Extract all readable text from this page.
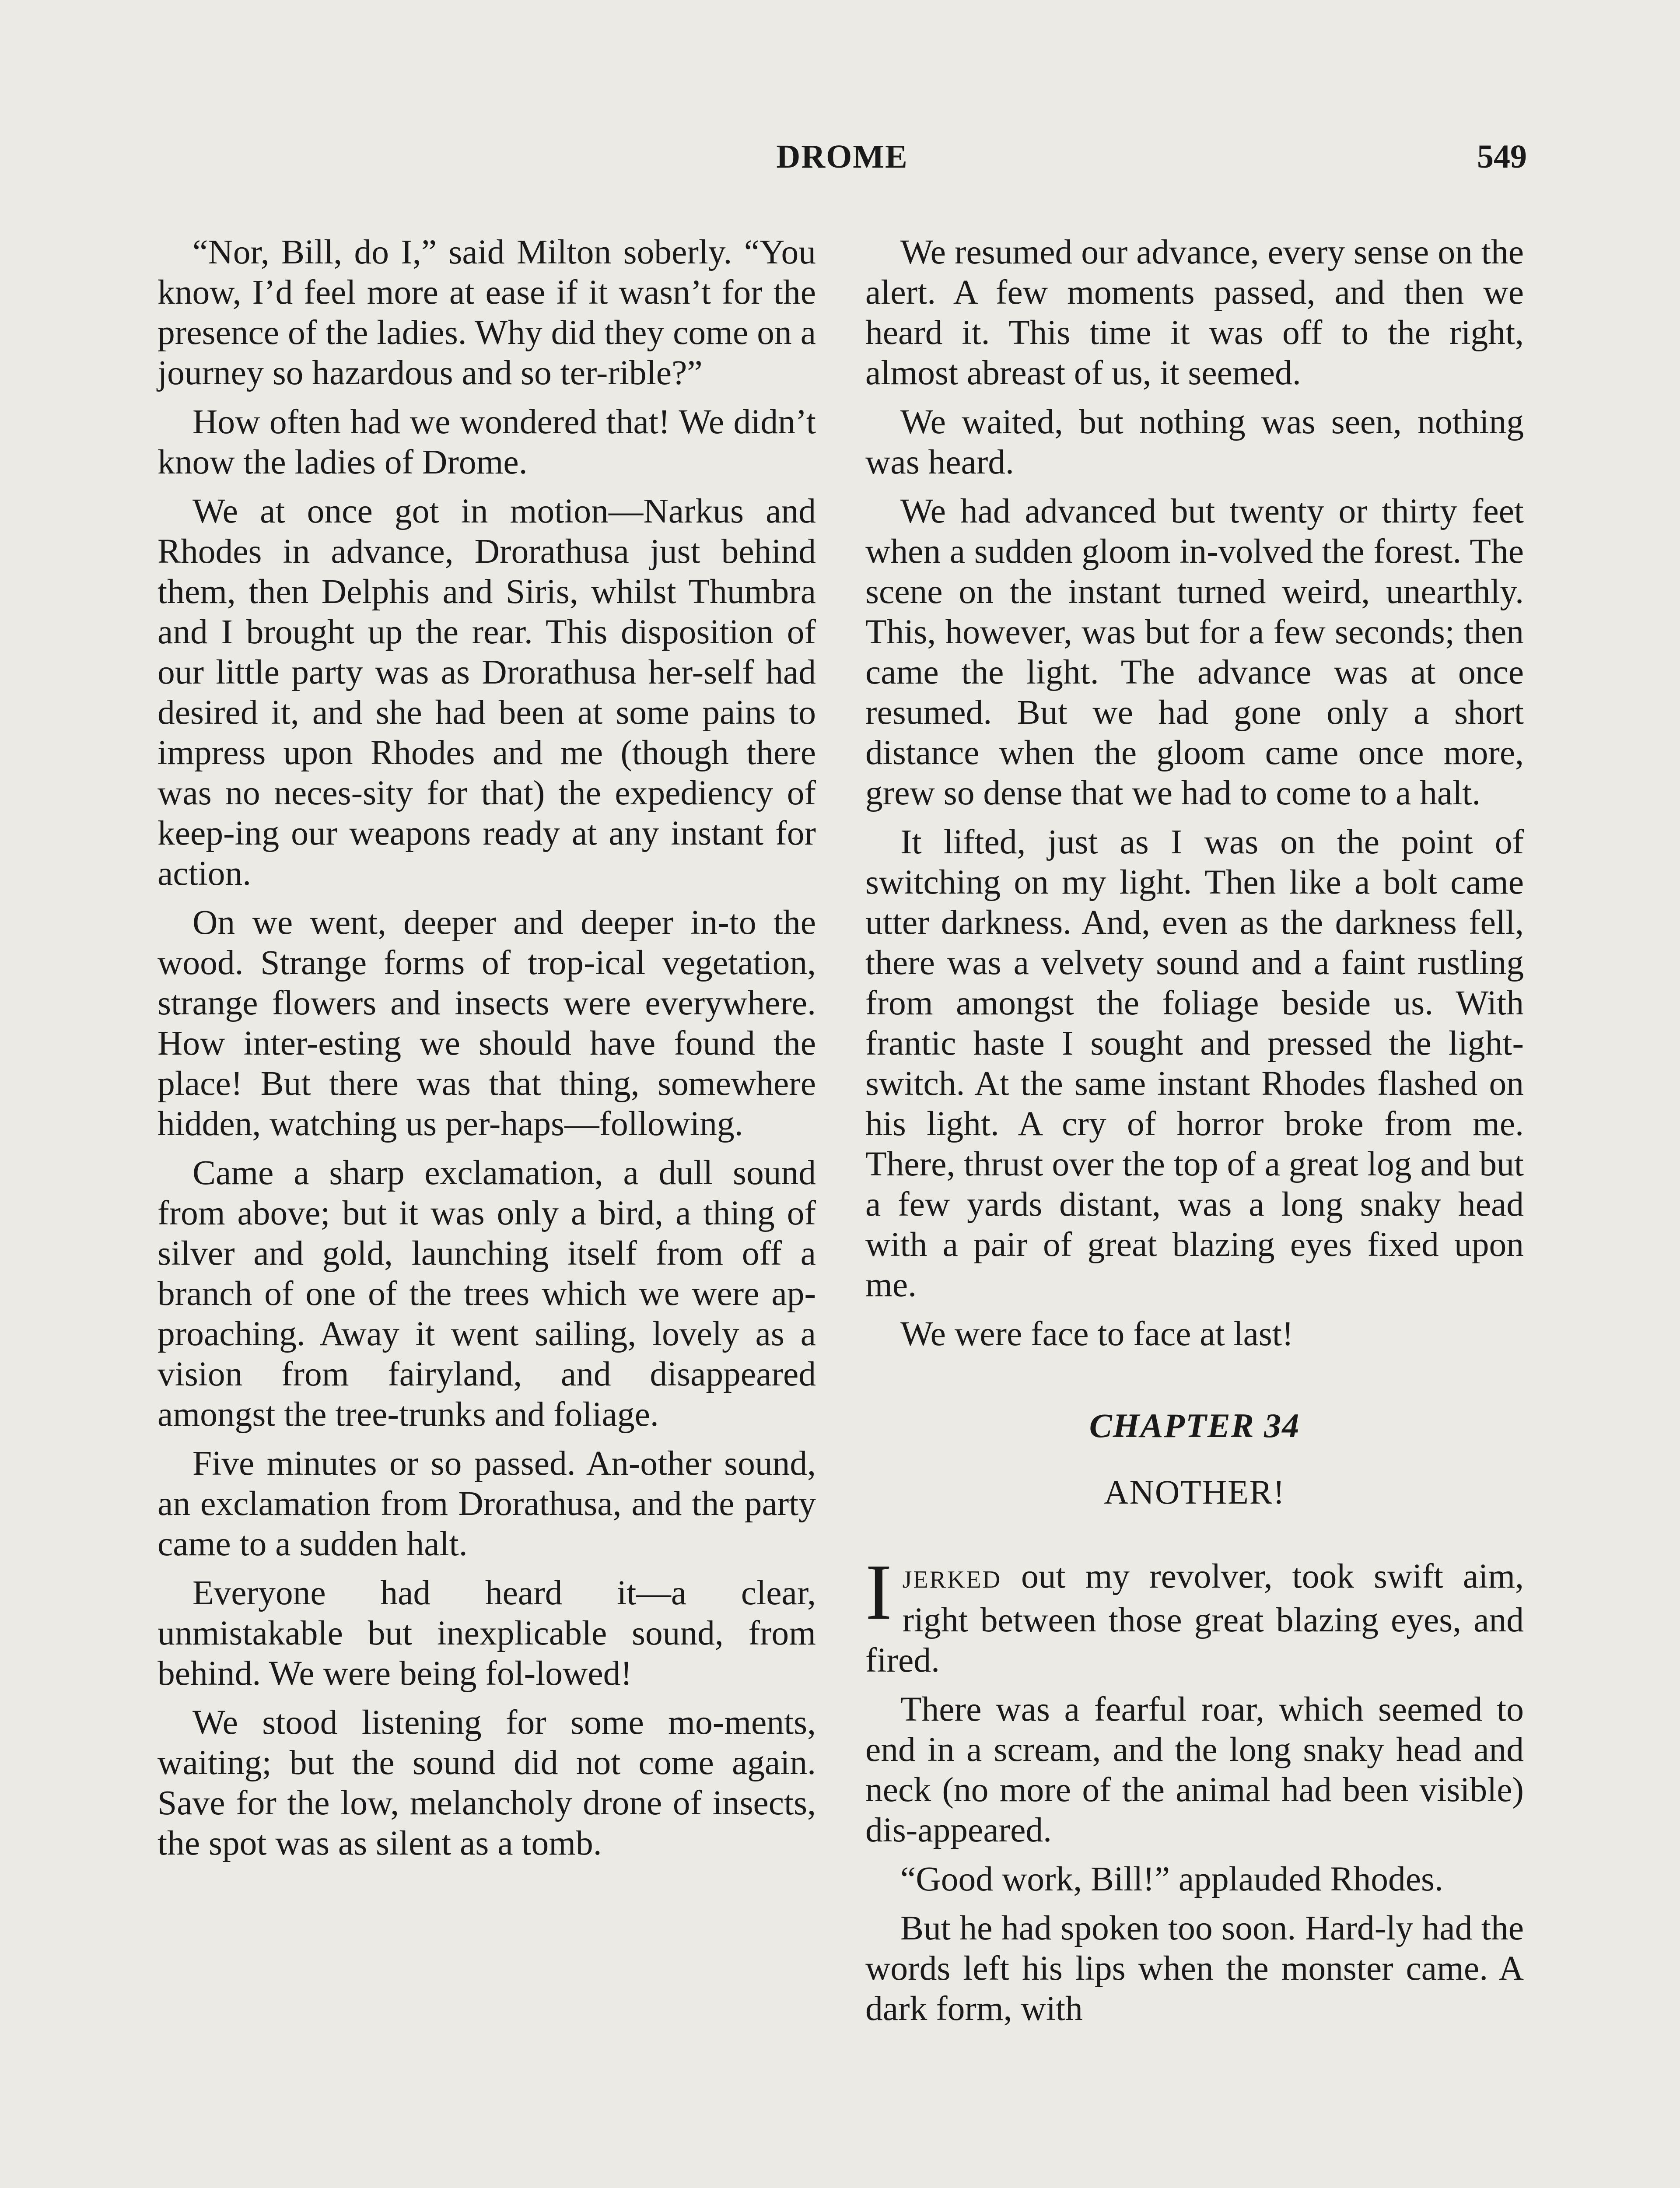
DROME	549

“Nor, Bill, do I,” said Milton soberly. “You know, I’d feel more at ease if it wasn’t for the presence of the ladies. Why did they come on a journey so hazardous and so ter-rible?”

How often had we wondered that! We didn’t know the ladies of Drome.

We at once got in motion—Narkus and Rhodes in advance, Drorathusa just behind them, then Delphis and Siris, whilst Thumbra and I brought up the rear. This disposition of our little party was as Drorathusa her-self had desired it, and she had been at some pains to impress upon Rhodes and me (though there was no neces-sity for that) the expediency of keep-ing our weapons ready at any instant for action.

On we went, deeper and deeper in-to the wood. Strange forms of trop-ical vegetation, strange flowers and insects were everywhere. How inter-esting we should have found the place! But there was that thing, somewhere hidden, watching us per-haps—following.

Came a sharp exclamation, a dull sound from above; but it was only a bird, a thing of silver and gold, launching itself from off a branch of one of the trees which we were ap-proaching. Away it went sailing, lovely as a vision from fairyland, and disappeared amongst the tree-trunks and foliage.

Five minutes or so passed. An-other sound, an exclamation from Drorathusa, and the party came to a sudden halt.

Everyone had heard it—a clear, unmistakable but inexplicable sound, from behind. We were being fol-lowed!

We stood listening for some mo-ments, waiting; but the sound did not come again. Save for the low, melancholy drone of insects, the spot was as silent as a tomb.

We resumed our advance, every sense on the alert. A few moments passed, and then we heard it. This time it was off to the right, almost abreast of us, it seemed.

We waited, but nothing was seen, nothing was heard.

We had advanced but twenty or thirty feet when a sudden gloom in-volved the forest. The scene on the instant turned weird, unearthly. This, however, was but for a few seconds; then came the light. The advance was at once resumed. But we had gone only a short distance when the gloom came once more, grew so dense that we had to come to a halt.

It lifted, just as I was on the point of switching on my light. Then like a bolt came utter darkness. And, even as the darkness fell, there was a velvety sound and a faint rustling from amongst the foliage beside us. With frantic haste I sought and pressed the light-switch. At the same instant Rhodes flashed on his light. A cry of horror broke from me. There, thrust over the top of a great log and but a few yards distant, was a long snaky head with a pair of great blazing eyes fixed upon me.

We were face to face at last!

CHAPTER 34
ANOTHER!

IJERKED out my revolver, took swift aim, right between those great blazing eyes, and fired.

There was a fearful roar, which seemed to end in a scream, and the long snaky head and neck (no more of the animal had been visible) dis-appeared.

“Good work, Bill!” applauded Rhodes.

But he had spoken too soon. Hard-ly had the words left his lips when the monster came. A dark form, with
